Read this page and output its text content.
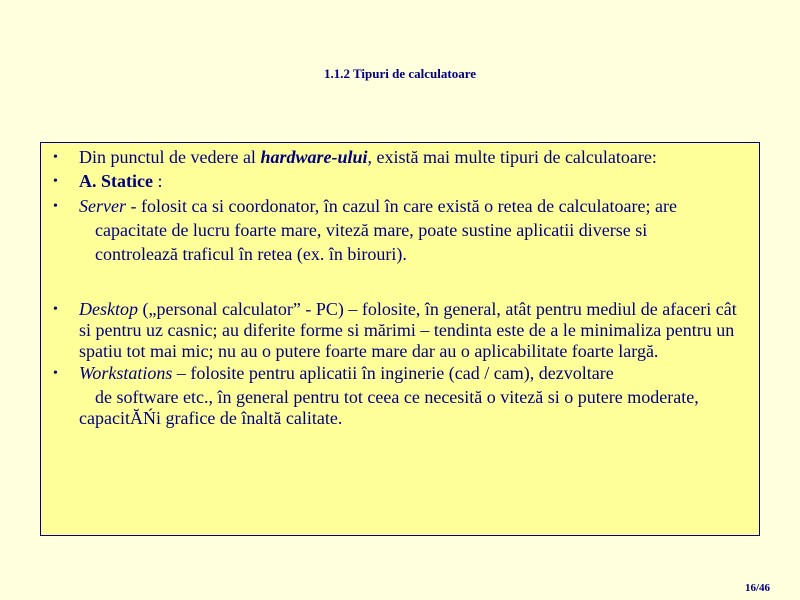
1.1.2 Tipuri de calculatoare
• Din punctul de vedere al hardware-ului, există mai multe tipuri de calculatoare:
• A. Statice :
• Server - folosit ca si coordonator, în cazul în care există o retea de calculatoare; are
capacitate de lucru foarte mare, viteză mare, poate sustine aplicatii diverse si
controlează traficul în retea (ex. în birouri).
• Desktop („personal calculator” - PC) – folosite, în general, atât pentru mediul de afaceri cât si pentru uz casnic; au diferite forme si mărimi – tendinta este de a le minimaliza pentru un spatiu tot mai mic; nu au o putere foarte mare dar au o aplicabilitate foarte largă.
• Workstations – folosite pentru aplicatii în inginerie (cad / cam), dezvoltare
de software etc., în general pentru tot ceea ce necesită o viteză si o putere moderate, capacitĂŃi grafice de înaltă calitate.
16/46
